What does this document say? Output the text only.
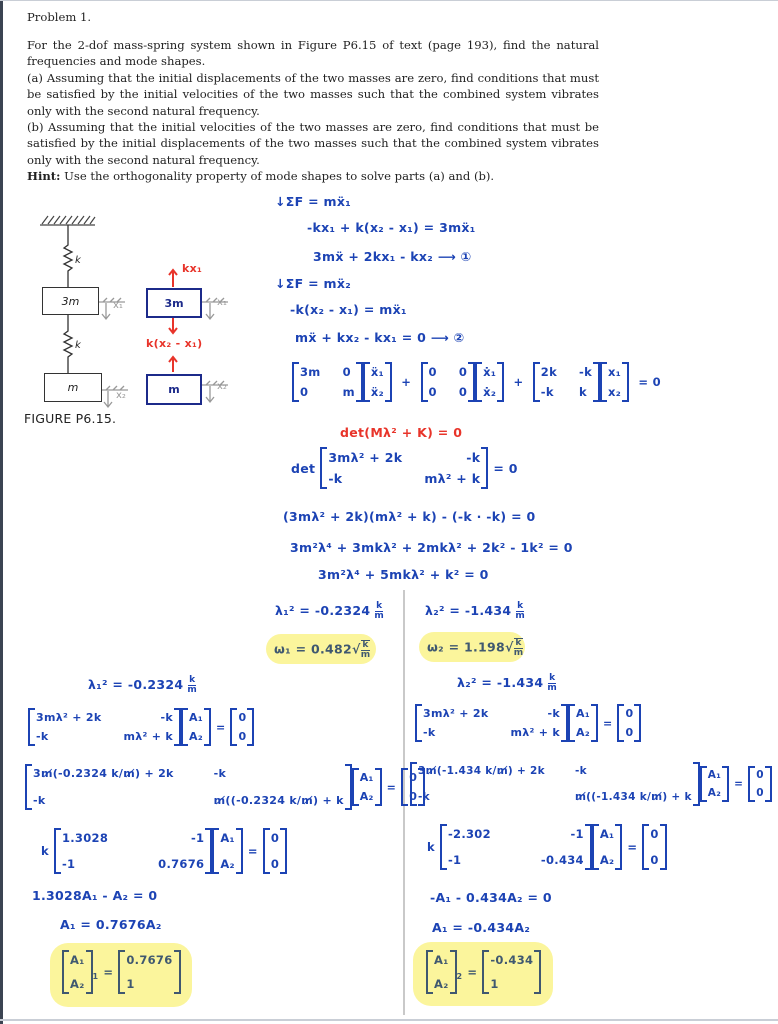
Problem 1.
For the 2-dof mass-spring system shown in Figure P6.15 of text (page 193), find the natural frequencies and mode shapes.
(a) Assuming that the initial displacements of the two masses are zero, find conditions that must be satisfied by the initial velocities of the two masses such that the combined system vibrates only with the second natural frequency.
(b) Assuming that the initial velocities of the two masses are zero, find conditions that must be satisfied by the initial displacements of the two masses such that the combined system vibrates only with the second natural frequency.
Hint: Use the orthogonality property of mode shapes to solve parts (a) and (b).
k
k
3m
m
x₁
x₂
FIGURE P6.15.
kx₁
3m
k(x₂ - x₁)
m
x₁
x₂
↓ΣF = mẍ₁
-kx₁ + k(x₂ - x₁) = 3mẍ₁
3mẍ + 2kx₁ - kx₂ ⟶ ①
↓ΣF = mẍ₂
-k(x₂ - x₁) = mẍ₁
mẍ + kx₂ - kx₁ = 0 ⟶ ②
3m 0
0	m
ẍ₁
ẍ₂
+
0 0
0 0
ẋ₁
ẋ₂
+
2k -k
-k k
x₁
x₂
= 0
det(Mλ² + K) = 0
det
3mλ² + 2k	-k
-k	mλ² + k
= 0
(3mλ² + 2k)(mλ² + k) - (-k · -k) = 0
3m²λ⁴ + 3mkλ² + 2mkλ² + 2k² - 1k² = 0
3m²λ⁴ + 5mkλ² + k² = 0
$\lambda_1^2 = -0.2324 \frac{k}{m}$	$\lambda_2^2 = -1.434 \frac{k}{m}$
$\omega_1 = 0.482√ \frac{k}{m}$	$\omega_2 = 1.198√ \frac{k}{m}$
$\lambda_1^2 = -0.2324 \frac{k}{m}$
3mλ² + 2k	-k
-k	mλ² + k
A₁
A₂
=
0
0
3m̸(-0.2324 k/m̸) + 2k	-k
-k	m̸((-0.2324 k/m̸) + k
A₁
A₂
=
0
0
k
1.3028	-1
-1	0.7676
A₁
A₂
=
0
0
1.3028A₁ - A₂ = 0
A₁ = 0.7676A₂
A₁
A₂
$_1$ =
0.7676
1
$\lambda_2^2 = -1.434 \frac{k}{m}$
3mλ² + 2k	-k
-k	mλ² + k
A₁
A₂
=
0
0
3m̸(-1.434 k/m̸) + 2k	-k
-k	m̸((-1.434 k/m̸) + k
A₁
A₂
=
0
0
k
-2.302	-1
-1	-0.434
A₁
A₂
=
0
0
-A₁ - 0.434A₂ = 0
A₁ = -0.434A₂
A₁
A₂
$_2$ =
-0.434
1
